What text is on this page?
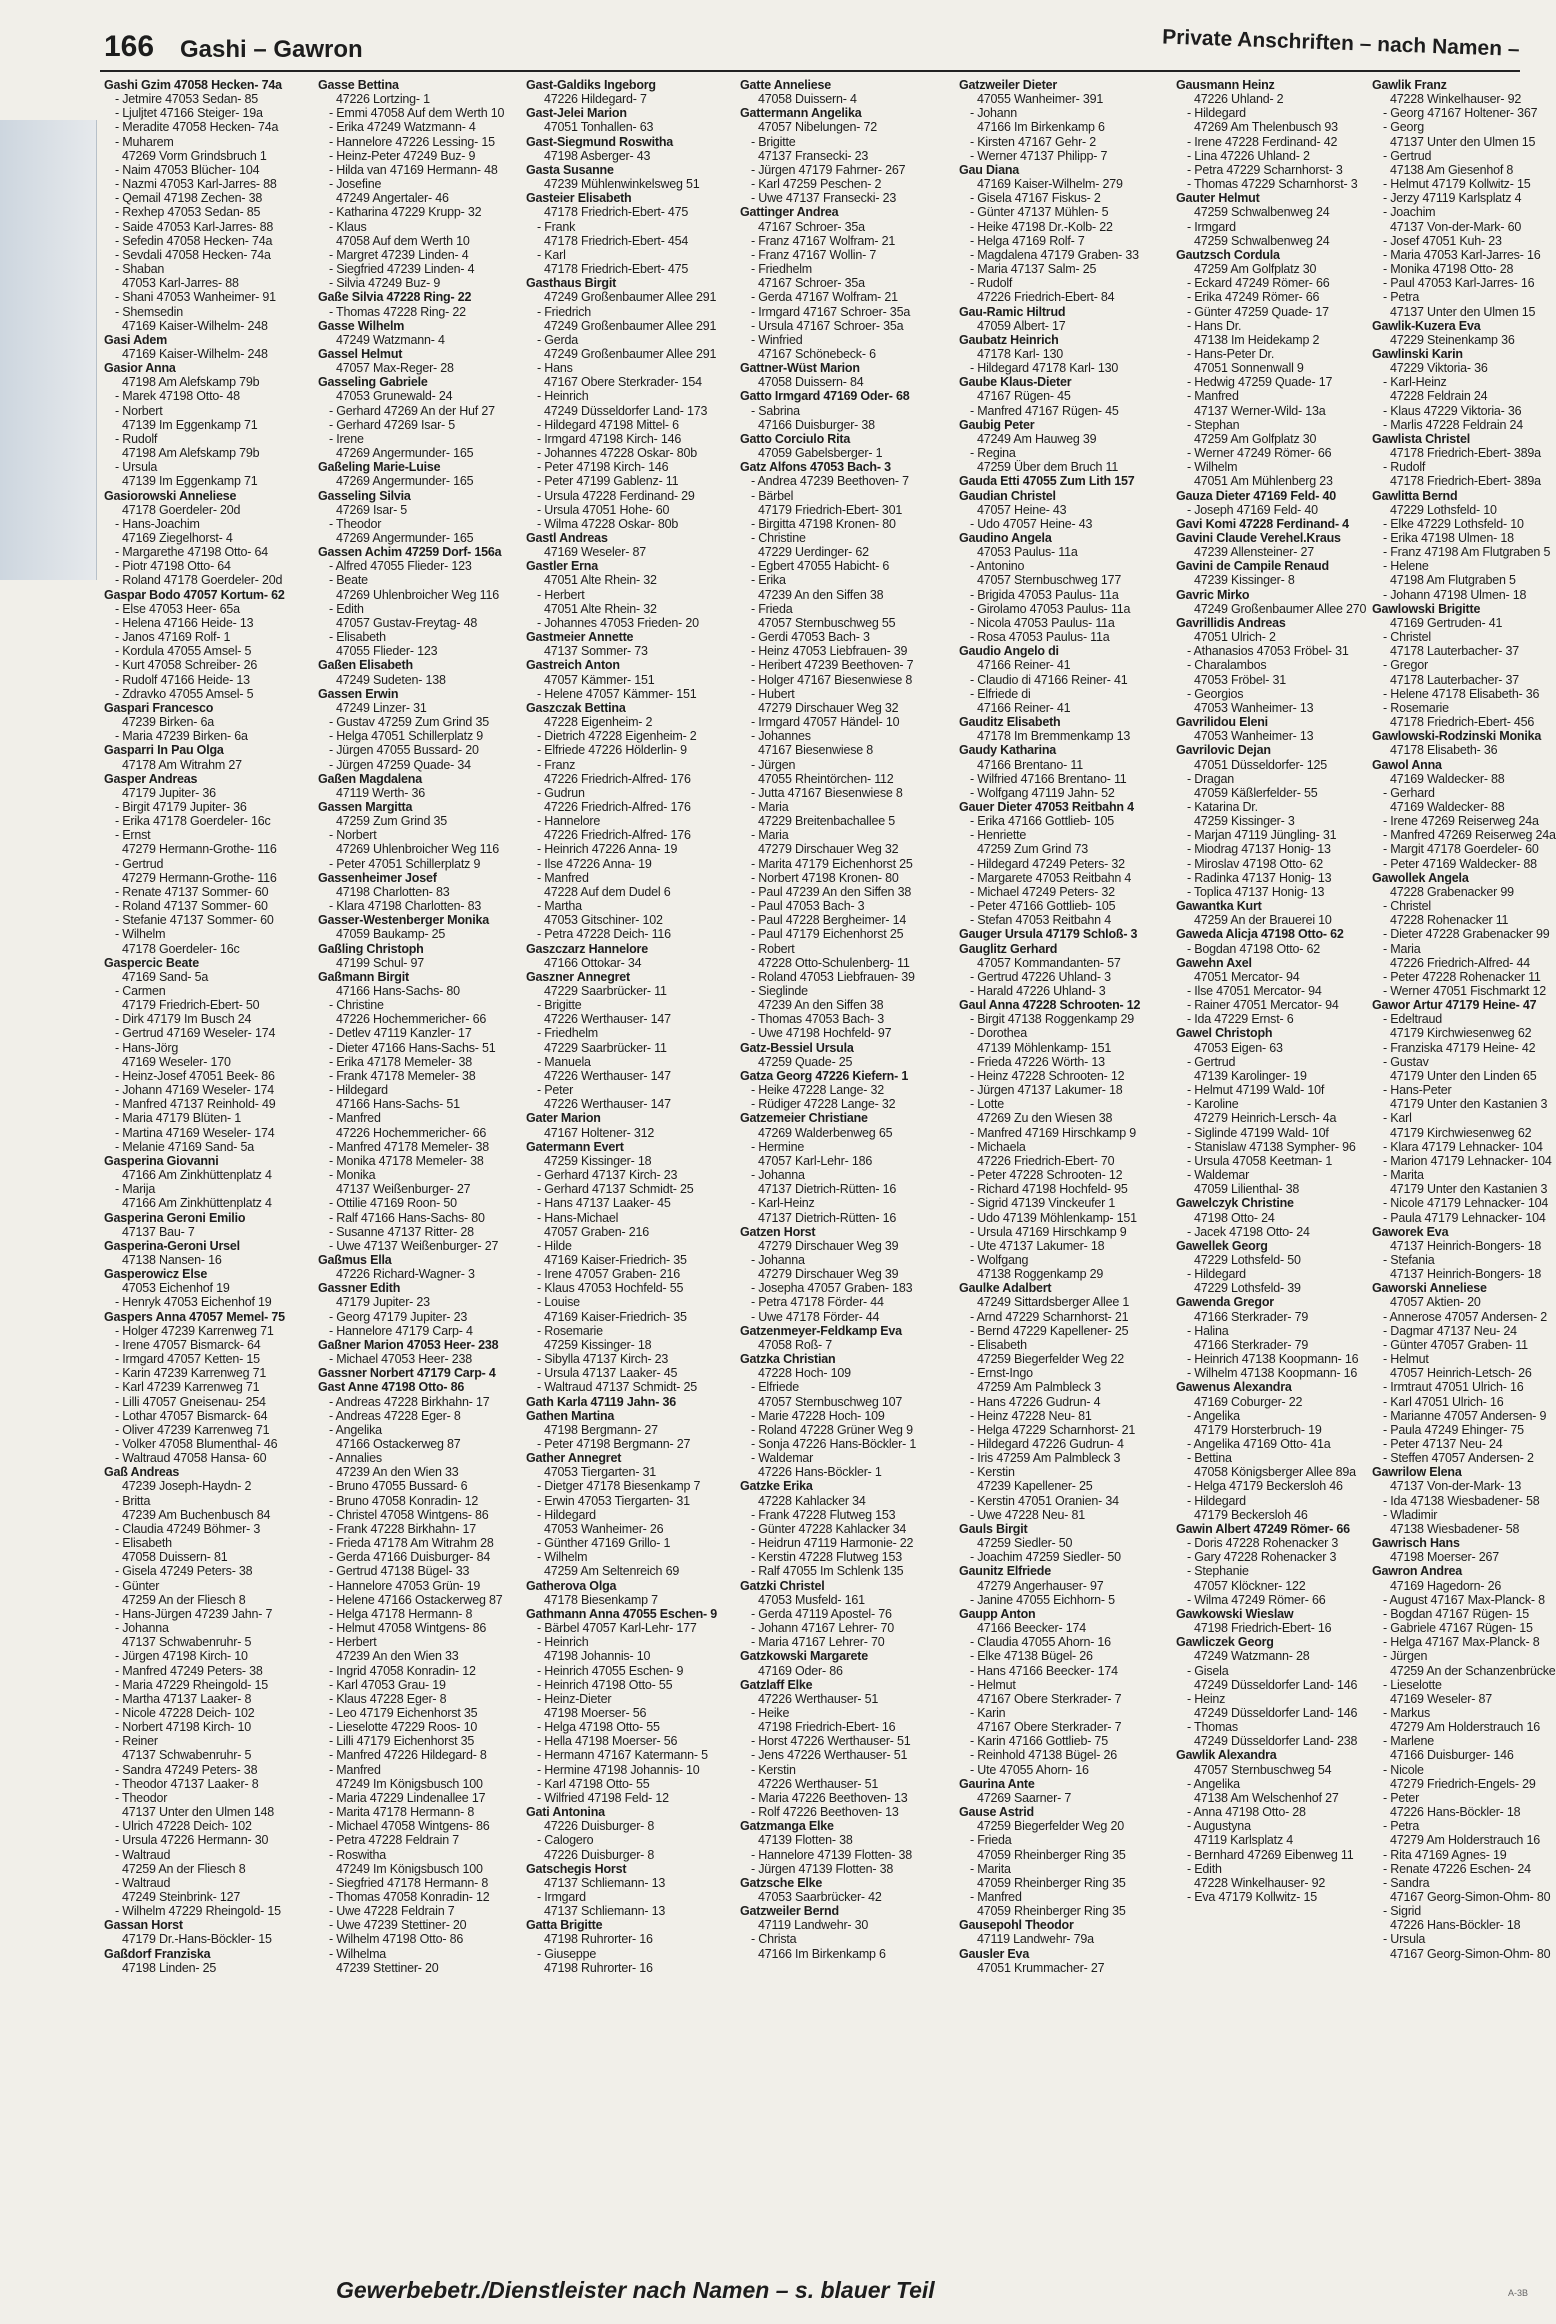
166 Gashi – Gawron	Private Anschriften – nach Namen –
Gashi Gzim 47058 Hecken- 74a
- Jetmire 47053 Sedan- 85
- Ljuljtet 47166 Steiger- 19a
- Meradite 47058 Hecken- 74a
- Muharem
47269 Vorm Grindsbruch 1
- Naim 47053 Blücher- 104
- Nazmi 47053 Karl-Jarres- 88
- Qemail 47198 Zechen- 38
- Rexhep 47053 Sedan- 85
- Saide 47053 Karl-Jarres- 88
- Sefedin 47058 Hecken- 74a
- Sevdali 47058 Hecken- 74a
- Shaban
47053 Karl-Jarres- 88
- Shani 47053 Wanheimer- 91
- Shemsedin
47169 Kaiser-Wilhelm- 248
Gasi Adem
47169 Kaiser-Wilhelm- 248
Gasior Anna
47198 Am Alefskamp 79b
- Marek 47198 Otto- 48
- Norbert
47139 Im Eggenkamp 71
- Rudolf
47198 Am Alefskamp 79b
- Ursula
47139 Im Eggenkamp 71
Gasiorowski Anneliese
47178 Goerdeler- 20d
- Hans-Joachim
47169 Ziegelhorst- 4
- Margarethe 47198 Otto- 64
- Piotr 47198 Otto- 64
- Roland 47178 Goerdeler- 20d
Gaspar Bodo 47057 Kortum- 62
- Else 47053 Heer- 65a
- Helena 47166 Heide- 13
- Janos 47169 Rolf- 1
- Kordula 47055 Amsel- 5
- Kurt 47058 Schreiber- 26
- Rudolf 47166 Heide- 13
- Zdravko 47055 Amsel- 5
Gaspari Francesco
47239 Birken- 6a
- Maria 47239 Birken- 6a
Gasparri In Pau Olga
47178 Am Witrahm 27
Gasper Andreas
47179 Jupiter- 36
- Birgit 47179 Jupiter- 36
- Erika 47178 Goerdeler- 16c
- Ernst
47279 Hermann-Grothe- 116
- Gertrud
47279 Hermann-Grothe- 116
- Renate 47137 Sommer- 60
- Roland 47137 Sommer- 60
- Stefanie 47137 Sommer- 60
- Wilhelm
47178 Goerdeler- 16c
Gaspercic Beate
47169 Sand- 5a
- Carmen
47179 Friedrich-Ebert- 50
- Dirk 47179 Im Busch 24
- Gertrud 47169 Weseler- 174
- Hans-Jörg
47169 Weseler- 170
- Heinz-Josef 47051 Beek- 86
- Johann 47169 Weseler- 174
- Manfred 47137 Reinhold- 49
- Maria 47179 Blüten- 1
- Martina 47169 Weseler- 174
- Melanie 47169 Sand- 5a
Gasperina Giovanni
47166 Am Zinkhüttenplatz 4
- Marija
47166 Am Zinkhüttenplatz 4
Gasperina Geroni Emilio
47137 Bau- 7
Gasperina-Geroni Ursel
47138 Nansen- 16
Gasperowicz Else
47053 Eichenhof 19
- Henryk 47053 Eichenhof 19
Gaspers Anna 47057 Memel- 75
- Holger 47239 Karrenweg 71
- Irene 47057 Bismarck- 64
- Irmgard 47057 Ketten- 15
- Karin 47239 Karrenweg 71
- Karl 47239 Karrenweg 71
- Lilli 47057 Gneisenau- 254
- Lothar 47057 Bismarck- 64
- Oliver 47239 Karrenweg 71
- Volker 47058 Blumenthal- 46
- Waltraud 47058 Hansa- 60
Gaß Andreas
47239 Joseph-Haydn- 2
- Britta
47239 Am Buchenbusch 84
- Claudia 47249 Böhmer- 3
- Elisabeth
47058 Duissern- 81
- Gisela 47249 Peters- 38
- Günter
47259 An der Fliesch 8
- Hans-Jürgen 47239 Jahn- 7
- Johanna
47137 Schwabenruhr- 5
- Jürgen 47198 Kirch- 10
- Manfred 47249 Peters- 38
- Maria 47229 Rheingold- 15
- Martha 47137 Laaker- 8
- Nicole 47228 Deich- 102
- Norbert 47198 Kirch- 10
- Reiner
47137 Schwabenruhr- 5
- Sandra 47249 Peters- 38
- Theodor 47137 Laaker- 8
- Theodor
47137 Unter den Ulmen 148
- Ulrich 47228 Deich- 102
- Ursula 47226 Hermann- 30
- Waltraud
47259 An der Fliesch 8
- Waltraud
47249 Steinbrink- 127
- Wilhelm 47229 Rheingold- 15
Gassan Horst
47179 Dr.-Hans-Böckler- 15
Gaßdorf Franziska
47198 Linden- 25
Gasse Bettina
47226 Lortzing- 1
- Emmi 47058 Auf dem Werth 10
- Erika 47249 Watzmann- 4
- Hannelore 47226 Lessing- 15
- Heinz-Peter 47249 Buz- 9
- Hilda van 47169 Hermann- 48
- Josefine
47249 Angertaler- 46
- Katharina 47229 Krupp- 32
- Klaus
47058 Auf dem Werth 10
- Margret 47239 Linden- 4
- Siegfried 47239 Linden- 4
- Silvia 47249 Buz- 9
Gaße Silvia 47228 Ring- 22
- Thomas 47228 Ring- 22
Gasse Wilhelm
47249 Watzmann- 4
Gassel Helmut
47057 Max-Reger- 28
Gasseling Gabriele
47053 Grunewald- 24
- Gerhard 47269 An der Huf 27
- Gerhard 47269 Isar- 5
- Irene
47269 Angermunder- 165
Gaßeling Marie-Luise
47269 Angermunder- 165
Gasseling Silvia
47269 Isar- 5
- Theodor
47269 Angermunder- 165
Gassen Achim 47259 Dorf- 156a
- Alfred 47055 Flieder- 123
- Beate
47269 Uhlenbroicher Weg 116
- Edith
47057 Gustav-Freytag- 48
- Elisabeth
47055 Flieder- 123
Gaßen Elisabeth
47249 Sudeten- 138
Gassen Erwin
47249 Linzer- 31
- Gustav 47259 Zum Grind 35
- Helga 47051 Schillerplatz 9
- Jürgen 47055 Bussard- 20
- Jürgen 47259 Quade- 34
Gaßen Magdalena
47119 Werth- 36
Gassen Margitta
47259 Zum Grind 35
- Norbert
47269 Uhlenbroicher Weg 116
- Peter 47051 Schillerplatz 9
Gassenheimer Josef
47198 Charlotten- 83
- Klara 47198 Charlotten- 83
Gasser-Westenberger Monika
47059 Baukamp- 25
Gaßling Christoph
47199 Schul- 97
Gaßmann Birgit
47166 Hans-Sachs- 80
- Christine
47226 Hochemmericher- 66
- Detlev 47119 Kanzler- 17
- Dieter 47166 Hans-Sachs- 51
- Erika 47178 Memeler- 38
- Frank 47178 Memeler- 38
- Hildegard
47166 Hans-Sachs- 51
- Manfred
47226 Hochemmericher- 66
- Manfred 47178 Memeler- 38
- Monika 47178 Memeler- 38
- Monika
47137 Weißenburger- 27
- Ottilie 47169 Roon- 50
- Ralf 47166 Hans-Sachs- 80
- Susanne 47137 Ritter- 28
- Uwe 47137 Weißenburger- 27
Gaßmus Ella
47226 Richard-Wagner- 3
Gassner Edith
47179 Jupiter- 23
- Georg 47179 Jupiter- 23
- Hannelore 47179 Carp- 4
Gaßner Marion 47053 Heer- 238
- Michael 47053 Heer- 238
Gassner Norbert 47179 Carp- 4
Gast Anne 47198 Otto- 86
- Andreas 47228 Birkhahn- 17
- Andreas 47228 Eger- 8
- Angelika
47166 Ostackerweg 87
- Annalies
47239 An den Wien 33
- Bruno 47055 Bussard- 6
- Bruno 47058 Konradin- 12
- Christel 47058 Wintgens- 86
- Frank 47228 Birkhahn- 17
- Frieda 47178 Am Witrahm 28
- Gerda 47166 Duisburger- 84
- Gertrud 47138 Bügel- 33
- Hannelore 47053 Grün- 19
- Helene 47166 Ostackerweg 87
- Helga 47178 Hermann- 8
- Helmut 47058 Wintgens- 86
- Herbert
47239 An den Wien 33
- Ingrid 47058 Konradin- 12
- Karl 47053 Grau- 19
- Klaus 47228 Eger- 8
- Leo 47179 Eichenhorst 35
- Lieselotte 47229 Roos- 10
- Lilli 47179 Eichenhorst 35
- Manfred 47226 Hildegard- 8
- Manfred
47249 Im Königsbusch 100
- Maria 47229 Lindenallee 17
- Marita 47178 Hermann- 8
- Michael 47058 Wintgens- 86
- Petra 47228 Feldrain 7
- Roswitha
47249 Im Königsbusch 100
- Siegfried 47178 Hermann- 8
- Thomas 47058 Konradin- 12
- Uwe 47228 Feldrain 7
- Uwe 47239 Stettiner- 20
- Wilhelm 47198 Otto- 86
- Wilhelma
47239 Stettiner- 20
Gast-Galdiks Ingeborg
47226 Hildegard- 7
Gast-Jelei Marion
47051 Tonhallen- 63
Gast-Siegmund Roswitha
47198 Asberger- 43
Gasta Susanne
47239 Mühlenwinkelsweg 51
Gasteier Elisabeth
47178 Friedrich-Ebert- 475
- Frank
47178 Friedrich-Ebert- 454
- Karl
47178 Friedrich-Ebert- 475
Gasthaus Birgit
47249 Großenbaumer Allee 291
- Friedrich
47249 Großenbaumer Allee 291
- Gerda
47249 Großenbaumer Allee 291
- Hans
47167 Obere Sterkrader- 154
- Heinrich
47249 Düsseldorfer Land- 173
- Hildegard 47198 Mittel- 6
- Irmgard 47198 Kirch- 146
- Johannes 47228 Oskar- 80b
- Peter 47198 Kirch- 146
- Peter 47199 Gablenz- 11
- Ursula 47228 Ferdinand- 29
- Ursula 47051 Hohe- 60
- Wilma 47228 Oskar- 80b
Gastl Andreas
47169 Weseler- 87
Gastler Erna
47051 Alte Rhein- 32
- Herbert
47051 Alte Rhein- 32
- Johannes 47053 Frieden- 20
Gastmeier Annette
47137 Sommer- 73
Gastreich Anton
47057 Kämmer- 151
- Helene 47057 Kämmer- 151
Gaszczak Bettina
47228 Eigenheim- 2
- Dietrich 47228 Eigenheim- 2
- Elfriede 47226 Hölderlin- 9
- Franz
47226 Friedrich-Alfred- 176
- Gudrun
47226 Friedrich-Alfred- 176
- Hannelore
47226 Friedrich-Alfred- 176
- Heinrich 47226 Anna- 19
- Ilse 47226 Anna- 19
- Manfred
47228 Auf dem Dudel 6
- Martha
47053 Gitschiner- 102
- Petra 47228 Deich- 116
Gaszczarz Hannelore
47166 Ottokar- 34
Gaszner Annegret
47229 Saarbrücker- 11
- Brigitte
47226 Werthauser- 147
- Friedhelm
47229 Saarbrücker- 11
- Manuela
47226 Werthauser- 147
- Peter
47226 Werthauser- 147
Gater Marion
47167 Holtener- 312
Gatermann Evert
47259 Kissinger- 18
- Gerhard 47137 Kirch- 23
- Gerhard 47137 Schmidt- 25
- Hans 47137 Laaker- 45
- Hans-Michael
47057 Graben- 216
- Hilde
47169 Kaiser-Friedrich- 35
- Irene 47057 Graben- 216
- Klaus 47053 Hochfeld- 55
- Louise
47169 Kaiser-Friedrich- 35
- Rosemarie
47259 Kissinger- 18
- Sibylla 47137 Kirch- 23
- Ursula 47137 Laaker- 45
- Waltraud 47137 Schmidt- 25
Gath Karla 47119 Jahn- 36
Gathen Martina
47198 Bergmann- 27
- Peter 47198 Bergmann- 27
Gather Annegret
47053 Tiergarten- 31
- Dietger 47178 Biesenkamp 7
- Erwin 47053 Tiergarten- 31
- Hildegard
47053 Wanheimer- 26
- Günther 47169 Grillo- 1
- Wilhelm
47259 Am Seltenreich 69
Gatherova Olga
47178 Biesenkamp 7
Gathmann Anna 47055 Eschen- 9
- Bärbel 47057 Karl-Lehr- 177
- Heinrich
47198 Johannis- 10
- Heinrich 47055 Eschen- 9
- Heinrich 47198 Otto- 55
- Heinz-Dieter
47198 Moerser- 56
- Helga 47198 Otto- 55
- Hella 47198 Moerser- 56
- Hermann 47167 Katermann- 5
- Hermine 47198 Johannis- 10
- Karl 47198 Otto- 55
- Wilfried 47198 Feld- 12
Gati Antonina
47226 Duisburger- 8
- Calogero
47226 Duisburger- 8
Gatschegis Horst
47137 Schliemann- 13
- Irmgard
47137 Schliemann- 13
Gatta Brigitte
47198 Ruhrorter- 16
- Giuseppe
47198 Ruhrorter- 16
Gatte Anneliese
47058 Duissern- 4
Gattermann Angelika
47057 Nibelungen- 72
- Brigitte
47137 Fransecki- 23
- Jürgen 47179 Fahrner- 267
- Karl 47259 Peschen- 2
- Uwe 47137 Fransecki- 23
Gattinger Andrea
47167 Schroer- 35a
- Franz 47167 Wolfram- 21
- Franz 47167 Wollin- 7
- Friedhelm
47167 Schroer- 35a
- Gerda 47167 Wolfram- 21
- Irmgard 47167 Schroer- 35a
- Ursula 47167 Schroer- 35a
- Winfried
47167 Schönebeck- 6
Gattner-Wüst Marion
47058 Duissern- 84
Gatto Irmgard 47169 Oder- 68
- Sabrina
47166 Duisburger- 38
Gatto Corciulo Rita
47059 Gabelsberger- 1
Gatz Alfons 47053 Bach- 3
- Andrea 47239 Beethoven- 7
- Bärbel
47179 Friedrich-Ebert- 301
- Birgitta 47198 Kronen- 80
- Christine
47229 Uerdinger- 62
- Egbert 47055 Habicht- 6
- Erika
47239 An den Siffen 38
- Frieda
47057 Sternbuschweg 55
- Gerdi 47053 Bach- 3
- Heinz 47053 Liebfrauen- 39
- Heribert 47239 Beethoven- 7
- Holger 47167 Biesenwiese 8
- Hubert
47279 Dirschauer Weg 32
- Irmgard 47057 Händel- 10
- Johannes
47167 Biesenwiese 8
- Jürgen
47055 Rheintörchen- 112
- Jutta 47167 Biesenwiese 8
- Maria
47229 Breitenbachallee 5
- Maria
47279 Dirschauer Weg 32
- Marita 47179 Eichenhorst 25
- Norbert 47198 Kronen- 80
- Paul 47239 An den Siffen 38
- Paul 47053 Bach- 3
- Paul 47228 Bergheimer- 14
- Paul 47179 Eichenhorst 25
- Robert
47228 Otto-Schulenberg- 11
- Roland 47053 Liebfrauen- 39
- Sieglinde
47239 An den Siffen 38
- Thomas 47053 Bach- 3
- Uwe 47198 Hochfeld- 97
Gatz-Bessiel Ursula
47259 Quade- 25
Gatza Georg 47226 Kiefern- 1
- Heike 47228 Lange- 32
- Rüdiger 47228 Lange- 32
Gatzemeier Christiane
47269 Walderbenweg 65
- Hermine
47057 Karl-Lehr- 186
- Johanna
47137 Dietrich-Rütten- 16
- Karl-Heinz
47137 Dietrich-Rütten- 16
Gatzen Horst
47279 Dirschauer Weg 39
- Johanna
47279 Dirschauer Weg 39
- Josepha 47057 Graben- 183
- Petra 47178 Förder- 44
- Uwe 47178 Förder- 44
Gatzenmeyer-Feldkamp Eva
47058 Roß- 7
Gatzka Christian
47228 Hoch- 109
- Elfriede
47057 Sternbuschweg 107
- Marie 47228 Hoch- 109
- Roland 47228 Grüner Weg 9
- Sonja 47226 Hans-Böckler- 1
- Waldemar
47226 Hans-Böckler- 1
Gatzke Erika
47228 Kahlacker 34
- Frank 47228 Flutweg 153
- Günter 47228 Kahlacker 34
- Heidrun 47119 Harmonie- 22
- Kerstin 47228 Flutweg 153
- Ralf 47055 Im Schlenk 135
Gatzki Christel
47053 Musfeld- 161
- Gerda 47119 Apostel- 76
- Johann 47167 Lehrer- 70
- Maria 47167 Lehrer- 70
Gatzkowski Margarete
47169 Oder- 86
Gatzlaff Elke
47226 Werthauser- 51
- Heike
47198 Friedrich-Ebert- 16
- Horst 47226 Werthauser- 51
- Jens 47226 Werthauser- 51
- Kerstin
47226 Werthauser- 51
- Maria 47226 Beethoven- 13
- Rolf 47226 Beethoven- 13
Gatzmanga Elke
47139 Flotten- 38
- Hannelore 47139 Flotten- 38
- Jürgen 47139 Flotten- 38
Gatzsche Elke
47053 Saarbrücker- 42
Gatzweiler Bernd
47119 Landwehr- 30
- Christa
47166 Im Birkenkamp 6
Gatzweiler Dieter
47055 Wanheimer- 391
- Johann
47166 Im Birkenkamp 6
- Kirsten 47167 Gehr- 2
- Werner 47137 Philipp- 7
Gau Diana
47169 Kaiser-Wilhelm- 279
- Gisela 47167 Fiskus- 2
- Günter 47137 Mühlen- 5
- Heike 47198 Dr.-Kolb- 22
- Helga 47169 Rolf- 7
- Magdalena 47179 Graben- 33
- Maria 47137 Salm- 25
- Rudolf
47226 Friedrich-Ebert- 84
Gau-Ramic Hiltrud
47059 Albert- 17
Gaubatz Heinrich
47178 Karl- 130
- Hildegard 47178 Karl- 130
Gaube Klaus-Dieter
47167 Rügen- 45
- Manfred 47167 Rügen- 45
Gaubig Peter
47249 Am Hauweg 39
- Regina
47259 Über dem Bruch 11
Gauda Etti 47055 Zum Lith 157
Gaudian Christel
47057 Heine- 43
- Udo 47057 Heine- 43
Gaudino Angela
47053 Paulus- 11a
- Antonino
47057 Sternbuschweg 177
- Brigida 47053 Paulus- 11a
- Girolamo 47053 Paulus- 11a
- Nicola 47053 Paulus- 11a
- Rosa 47053 Paulus- 11a
Gaudio Angelo di
47166 Reiner- 41
- Claudio di 47166 Reiner- 41
- Elfriede di
47166 Reiner- 41
Gauditz Elisabeth
47178 Im Bremmenkamp 13
Gaudy Katharina
47166 Brentano- 11
- Wilfried 47166 Brentano- 11
- Wolfgang 47119 Jahn- 52
Gauer Dieter 47053 Reitbahn 4
- Erika 47166 Gottlieb- 105
- Henriette
47259 Zum Grind 73
- Hildegard 47249 Peters- 32
- Margarete 47053 Reitbahn 4
- Michael 47249 Peters- 32
- Peter 47166 Gottlieb- 105
- Stefan 47053 Reitbahn 4
Gauger Ursula 47179 Schloß- 3
Gauglitz Gerhard
47057 Kommandanten- 57
- Gertrud 47226 Uhland- 3
- Harald 47226 Uhland- 3
Gaul Anna 47228 Schrooten- 12
- Birgit 47138 Roggenkamp 29
- Dorothea
47139 Möhlenkamp- 151
- Frieda 47226 Wörth- 13
- Heinz 47228 Schrooten- 12
- Jürgen 47137 Lakumer- 18
- Lotte
47269 Zu den Wiesen 38
- Manfred 47169 Hirschkamp 9
- Michaela
47226 Friedrich-Ebert- 70
- Peter 47228 Schrooten- 12
- Richard 47198 Hochfeld- 95
- Sigrid 47139 Vinckeufer 1
- Udo 47139 Möhlenkamp- 151
- Ursula 47169 Hirschkamp 9
- Ute 47137 Lakumer- 18
- Wolfgang
47138 Roggenkamp 29
Gaulke Adalbert
47249 Sittardsberger Allee 1
- Arnd 47229 Scharnhorst- 21
- Bernd 47229 Kapellener- 25
- Elisabeth
47259 Biegerfelder Weg 22
- Ernst-Ingo
47259 Am Palmbleck 3
- Hans 47226 Gudrun- 4
- Heinz 47228 Neu- 81
- Helga 47229 Scharnhorst- 21
- Hildegard 47226 Gudrun- 4
- Iris 47259 Am Palmbleck 3
- Kerstin
47239 Kapellener- 25
- Kerstin 47051 Oranien- 34
- Uwe 47228 Neu- 81
Gauls Birgit
47259 Siedler- 50
- Joachim 47259 Siedler- 50
Gaunitz Elfriede
47279 Angerhauser- 97
- Janine 47055 Eichhorn- 5
Gaupp Anton
47166 Beecker- 174
- Claudia 47055 Ahorn- 16
- Elke 47138 Bügel- 26
- Hans 47166 Beecker- 174
- Helmut
47167 Obere Sterkrader- 7
- Karin
47167 Obere Sterkrader- 7
- Karin 47166 Gottlieb- 75
- Reinhold 47138 Bügel- 26
- Ute 47055 Ahorn- 16
Gaurina Ante
47269 Saarner- 7
Gause Astrid
47259 Biegerfelder Weg 20
- Frieda
47059 Rheinberger Ring 35
- Marita
47059 Rheinberger Ring 35
- Manfred
47059 Rheinberger Ring 35
Gausepohl Theodor
47119 Landwehr- 79a
Gausler Eva
47051 Krummacher- 27
Gausmann Heinz
47226 Uhland- 2
- Hildegard
47269 Am Thelenbusch 93
- Irene 47228 Ferdinand- 42
- Lina 47226 Uhland- 2
- Petra 47229 Scharnhorst- 3
- Thomas 47229 Scharnhorst- 3
Gauter Helmut
47259 Schwalbenweg 24
- Irmgard
47259 Schwalbenweg 24
Gautzsch Cordula
47259 Am Golfplatz 30
- Eckard 47249 Römer- 66
- Erika 47249 Römer- 66
- Günter 47259 Quade- 17
- Hans Dr.
47138 Im Heidekamp 2
- Hans-Peter Dr.
47051 Sonnenwall 9
- Hedwig 47259 Quade- 17
- Manfred
47137 Werner-Wild- 13a
- Stephan
47259 Am Golfplatz 30
- Werner 47249 Römer- 66
- Wilhelm
47051 Am Mühlenberg 23
Gauza Dieter 47169 Feld- 40
- Joseph 47169 Feld- 40
Gavi Komi 47228 Ferdinand- 4
Gavini Claude Verehel.Kraus
47239 Allensteiner- 27
Gavini de Campile Renaud
47239 Kissinger- 8
Gavric Mirko
47249 Großenbaumer Allee 270
Gavrillidis Andreas
47051 Ulrich- 2
- Athanasios 47053 Fröbel- 31
- Charalambos
47053 Fröbel- 31
- Georgios
47053 Wanheimer- 13
Gavrilidou Eleni
47053 Wanheimer- 13
Gavrilovic Dejan
47051 Düsseldorfer- 125
- Dragan
47059 Käßlerfelder- 55
- Katarina Dr.
47259 Kissinger- 3
- Marjan 47119 Jüngling- 31
- Miodrag 47137 Honig- 13
- Miroslav 47198 Otto- 62
- Radinka 47137 Honig- 13
- Toplica 47137 Honig- 13
Gawantka Kurt
47259 An der Brauerei 10
Gaweda Alicja 47198 Otto- 62
- Bogdan 47198 Otto- 62
Gawehn Axel
47051 Mercator- 94
- Ilse 47051 Mercator- 94
- Rainer 47051 Mercator- 94
- Ida 47229 Ernst- 6
Gawel Christoph
47053 Eigen- 63
- Gertrud
47139 Karolinger- 19
- Helmut 47199 Wald- 10f
- Karoline
47279 Heinrich-Lersch- 4a
- Siglinde 47199 Wald- 10f
- Stanislaw 47138 Sympher- 96
- Ursula 47058 Keetman- 1
- Waldemar
47059 Lilienthal- 38
Gawelczyk Christine
47198 Otto- 24
- Jacek 47198 Otto- 24
Gawellek Georg
47229 Lothsfeld- 50
- Hildegard
47229 Lothsfeld- 39
Gawenda Gregor
47166 Sterkrader- 79
- Halina
47166 Sterkrader- 79
- Heinrich 47138 Koopmann- 16
- Wilhelm 47138 Koopmann- 16
Gawenus Alexandra
47169 Coburger- 22
- Angelika
47179 Horsterbruch- 19
- Angelika 47169 Otto- 41a
- Bettina
47058 Königsberger Allee 89a
- Helga 47179 Beckersloh 46
- Hildegard
47179 Beckersloh 46
Gawin Albert 47249 Römer- 66
- Doris 47228 Rohenacker 3
- Gary 47228 Rohenacker 3
- Stephanie
47057 Klöckner- 122
- Wilma 47249 Römer- 66
Gawkowski Wieslaw
47198 Friedrich-Ebert- 16
Gawliczek Georg
47249 Watzmann- 28
- Gisela
47249 Düsseldorfer Land- 146
- Heinz
47249 Düsseldorfer Land- 146
- Thomas
47249 Düsseldorfer Land- 238
Gawlik Alexandra
47057 Sternbuschweg 54
- Angelika
47138 Am Welschenhof 27
- Anna 47198 Otto- 28
- Augustyna
47119 Karlsplatz 4
- Bernhard 47269 Eibenweg 11
- Edith
47228 Winkelhauser- 92
- Eva 47179 Kollwitz- 15
Gawlik Franz
47228 Winkelhauser- 92
- Georg 47167 Holtener- 367
- Georg
47137 Unter den Ulmen 15
- Gertrud
47138 Am Giesenhof 8
- Helmut 47179 Kollwitz- 15
- Jerzy 47119 Karlsplatz 4
- Joachim
47137 Von-der-Mark- 60
- Josef 47051 Kuh- 23
- Maria 47053 Karl-Jarres- 16
- Monika 47198 Otto- 28
- Paul 47053 Karl-Jarres- 16
- Petra
47137 Unter den Ulmen 15
Gawlik-Kuzera Eva
47229 Steinenkamp 36
Gawlinski Karin
47229 Viktoria- 36
- Karl-Heinz
47228 Feldrain 24
- Klaus 47229 Viktoria- 36
- Marlis 47228 Feldrain 24
Gawlista Christel
47178 Friedrich-Ebert- 389a
- Rudolf
47178 Friedrich-Ebert- 389a
Gawlitta Bernd
47229 Lothsfeld- 10
- Elke 47229 Lothsfeld- 10
- Erika 47198 Ulmen- 18
- Franz 47198 Am Flutgraben 5
- Helene
47198 Am Flutgraben 5
- Johann 47198 Ulmen- 18
Gawlowski Brigitte
47169 Gertruden- 41
- Christel
47178 Lauterbacher- 37
- Gregor
47178 Lauterbacher- 37
- Helene 47178 Elisabeth- 36
- Rosemarie
47178 Friedrich-Ebert- 456
Gawlowski-Rodzinski Monika
47178 Elisabeth- 36
Gawol Anna
47169 Waldecker- 88
- Gerhard
47169 Waldecker- 88
- Irene 47269 Reiserweg 24a
- Manfred 47269 Reiserweg 24a
- Margit 47178 Goerdeler- 60
- Peter 47169 Waldecker- 88
Gawollek Angela
47228 Grabenacker 99
- Christel
47228 Rohenacker 11
- Dieter 47228 Grabenacker 99
- Maria
47226 Friedrich-Alfred- 44
- Peter 47228 Rohenacker 11
- Werner 47051 Fischmarkt 12
Gawor Artur 47179 Heine- 47
- Edeltraud
47179 Kirchwiesenweg 62
- Franziska 47179 Heine- 42
- Gustav
47179 Unter den Linden 65
- Hans-Peter
47179 Unter den Kastanien 3
- Karl
47179 Kirchwiesenweg 62
- Klara 47179 Lehnacker- 104
- Marion 47179 Lehnacker- 104
- Marita
47179 Unter den Kastanien 3
- Nicole 47179 Lehnacker- 104
- Paula 47179 Lehnacker- 104
Gaworek Eva
47137 Heinrich-Bongers- 18
- Stefania
47137 Heinrich-Bongers- 18
Gaworski Anneliese
47057 Aktien- 20
- Annerose 47057 Andersen- 2
- Dagmar 47137 Neu- 24
- Günter 47057 Graben- 11
- Helmut
47057 Heinrich-Letsch- 26
- Irmtraut 47051 Ulrich- 16
- Karl 47051 Ulrich- 16
- Marianne 47057 Andersen- 9
- Paula 47249 Ehinger- 75
- Peter 47137 Neu- 24
- Steffen 47057 Andersen- 2
Gawrilow Elena
47137 Von-der-Mark- 13
- Ida 47138 Wiesbadener- 58
- Wladimir
47138 Wiesbadener- 58
Gawrisch Hans
47198 Moerser- 267
Gawron Andrea
47169 Hagedorn- 26
- August 47167 Max-Planck- 8
- Bogdan 47167 Rügen- 15
- Gabriele 47167 Rügen- 15
- Helga 47167 Max-Planck- 8
- Jürgen
47259 An der Schanzenbrücke
- Lieselotte
47169 Weseler- 87
- Markus
47279 Am Holderstrauch 16
- Marlene
47166 Duisburger- 146
- Nicole
47279 Friedrich-Engels- 29
- Peter
47226 Hans-Böckler- 18
- Petra
47279 Am Holderstrauch 16
- Rita 47169 Agnes- 19
- Renate 47226 Eschen- 24
- Sandra
47167 Georg-Simon-Ohm- 80
- Sigrid
47226 Hans-Böckler- 18
- Ursula
47167 Georg-Simon-Ohm- 80
Gewerbebetr./Dienstleister nach Namen – s. blauer Teil	A-3B
